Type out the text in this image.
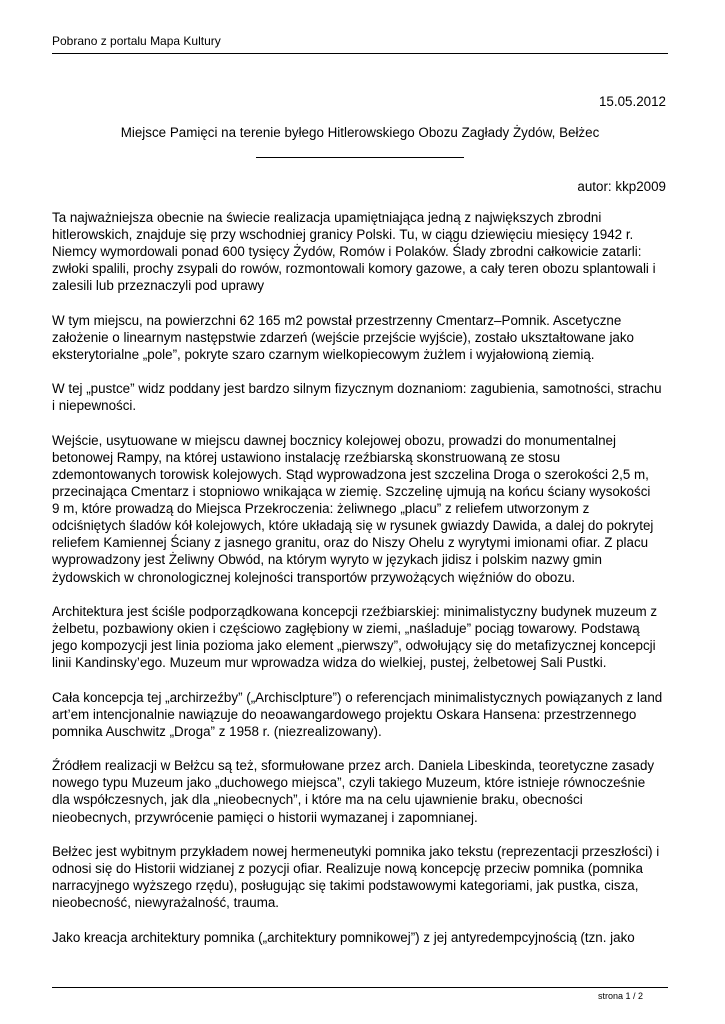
Pobrano z portalu Mapa Kultury
15.05.2012
Miejsce Pamięci na terenie byłego Hitlerowskiego Obozu Zagłady Żydów, Bełżec
autor: kkp2009

Ta najważniejsza obecnie na świecie realizacja upamiętniająca jedną z największych zbrodni
hitlerowskich, znajduje się przy wschodniej granicy Polski. Tu, w ciągu dziewięciu miesięcy 1942 r.
Niemcy wymordowali ponad 600 tysięcy Żydów, Romów i Polaków. Ślady zbrodni całkowicie zatarli:
zwłoki spalili, prochy zsypali do rowów, rozmontowali komory gazowe, a cały teren obozu splantowali i
zalesili lub przeznaczyli pod uprawy

W tym miejscu, na powierzchni 62 165 m2 powstał przestrzenny Cmentarz–Pomnik. Ascetyczne
założenie o linearnym następstwie zdarzeń (wejście przejście wyjście), zostało ukształtowane jako
eksterytorialne „pole”, pokryte szaro czarnym wielkopiecowym żużlem i wyjałowioną ziemią.

W tej „pustce” widz poddany jest bardzo silnym fizycznym doznaniom: zagubienia, samotności, strachu
i niepewności.

Wejście, usytuowane w miejscu dawnej bocznicy kolejowej obozu, prowadzi do monumentalnej
betonowej Rampy, na której ustawiono instalację rzeźbiarską skonstruowaną ze stosu
zdemontowanych torowisk kolejowych. Stąd wyprowadzona jest szczelina Droga o szerokości 2,5 m,
przecinająca Cmentarz i stopniowo wnikająca w ziemię. Szczelinę ujmują na końcu ściany wysokości
9 m, które prowadzą do Miejsca Przekroczenia: żeliwnego „placu” z reliefem utworzonym z
odciśniętych śladów kół kolejowych, które układają się w rysunek gwiazdy Dawida, a dalej do pokrytej
reliefem Kamiennej Ściany z jasnego granitu, oraz do Niszy Ohelu z wyrytymi imionami ofiar. Z placu
wyprowadzony jest Żeliwny Obwód, na którym wyryto w językach jidisz i polskim nazwy gmin
żydowskich w chronologicznej kolejności transportów przywożących więźniów do obozu.

Architektura jest ściśle podporządkowana koncepcji rzeźbiarskiej: minimalistyczny budynek muzeum z
żelbetu, pozbawiony okien i częściowo zagłębiony w ziemi, „naśladuje” pociąg towarowy. Podstawą
jego kompozycji jest linia pozioma jako element „pierwszy”, odwołujący się do metafizycznej koncepcji
linii Kandinsky’ego. Muzeum mur wprowadza widza do wielkiej, pustej, żelbetowej Sali Pustki.

Cała koncepcja tej „archirzeźby” („Archisclpture”) o referencjach minimalistycznych powiązanych z land
art’em intencjonalnie nawiązuje do neoawangardowego projektu Oskara Hansena: przestrzennego
pomnika Auschwitz „Droga” z 1958 r. (niezrealizowany).

Źródłem realizacji w Bełżcu są też, sformułowane przez arch. Daniela Libeskinda, teoretyczne zasady
nowego typu Muzeum jako „duchowego miejsca”, czyli takiego Muzeum, które istnieje równocześnie
dla współczesnych, jak dla „nieobecnych”, i które ma na celu ujawnienie braku, obecności
nieobecnych, przywrócenie pamięci o historii wymazanej i zapomnianej.

Bełżec jest wybitnym przykładem nowej hermeneutyki pomnika jako tekstu (reprezentacji przeszłości) i
odnosi się do Historii widzianej z pozycji ofiar. Realizuje nową koncepcję przeciw pomnika (pomnika
narracyjnego wyższego rzędu), posługując się takimi podstawowymi kategoriami, jak pustka, cisza,
nieobecność, niewyrażalność, trauma.

Jako kreacja architektury pomnika („architektury pomnikowej”) z jej antyredempcyjnością (tzn. jako

strona 1 / 2
